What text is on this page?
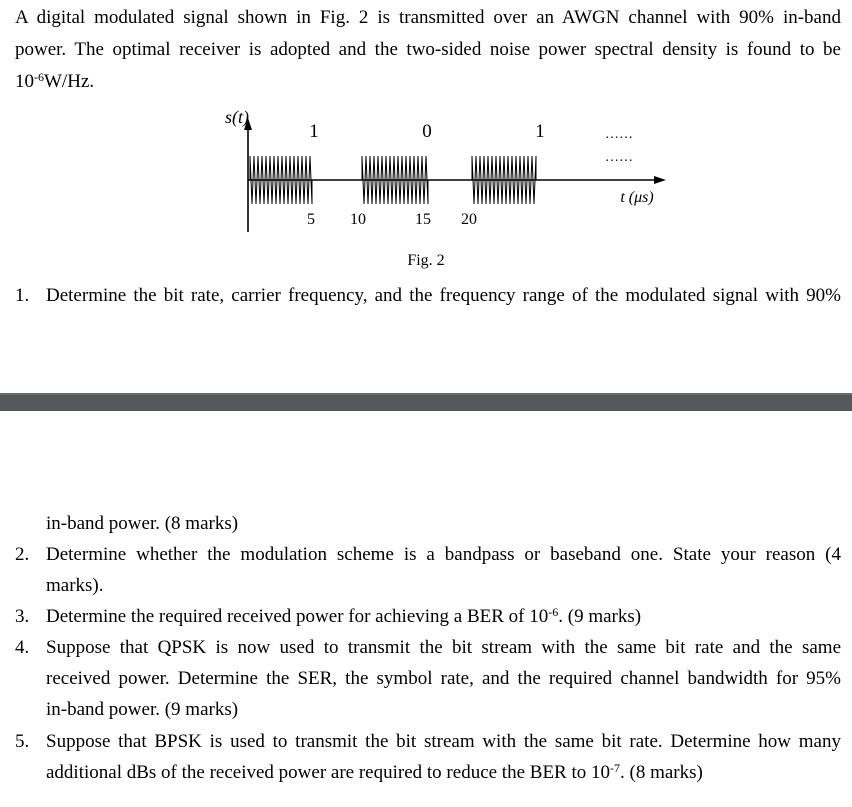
A digital modulated signal shown in Fig. 2 is transmitted over an AWGN channel with 90% in-band
power. The optimal receiver is adopted and the two-sided noise power spectral density is found to be
$10^{-6}W/Hz$.
s(t)
1	0	1	……
……
t (μs)
5 10	15 20
Fig. 2
1. Determine the bit rate, carrier frequency, and the frequency range of the modulated signal with 90%
in-band power. (8 marks)
2. Determine whether the modulation scheme is a bandpass or baseband one. State your reason (4
marks).
3. Determine the required received power for achieving a BER of $10^{-6}$. (9 marks)
4. Suppose that QPSK is now used to transmit the bit stream with the same bit rate and the same
received power. Determine the SER, the symbol rate, and the required channel bandwidth for 95%
in-band power. (9 marks)
5. Suppose that BPSK is used to transmit the bit stream with the same bit rate. Determine how many
additional dBs of the received power are required to reduce the BER to $10^{-7}$. (8 marks)
